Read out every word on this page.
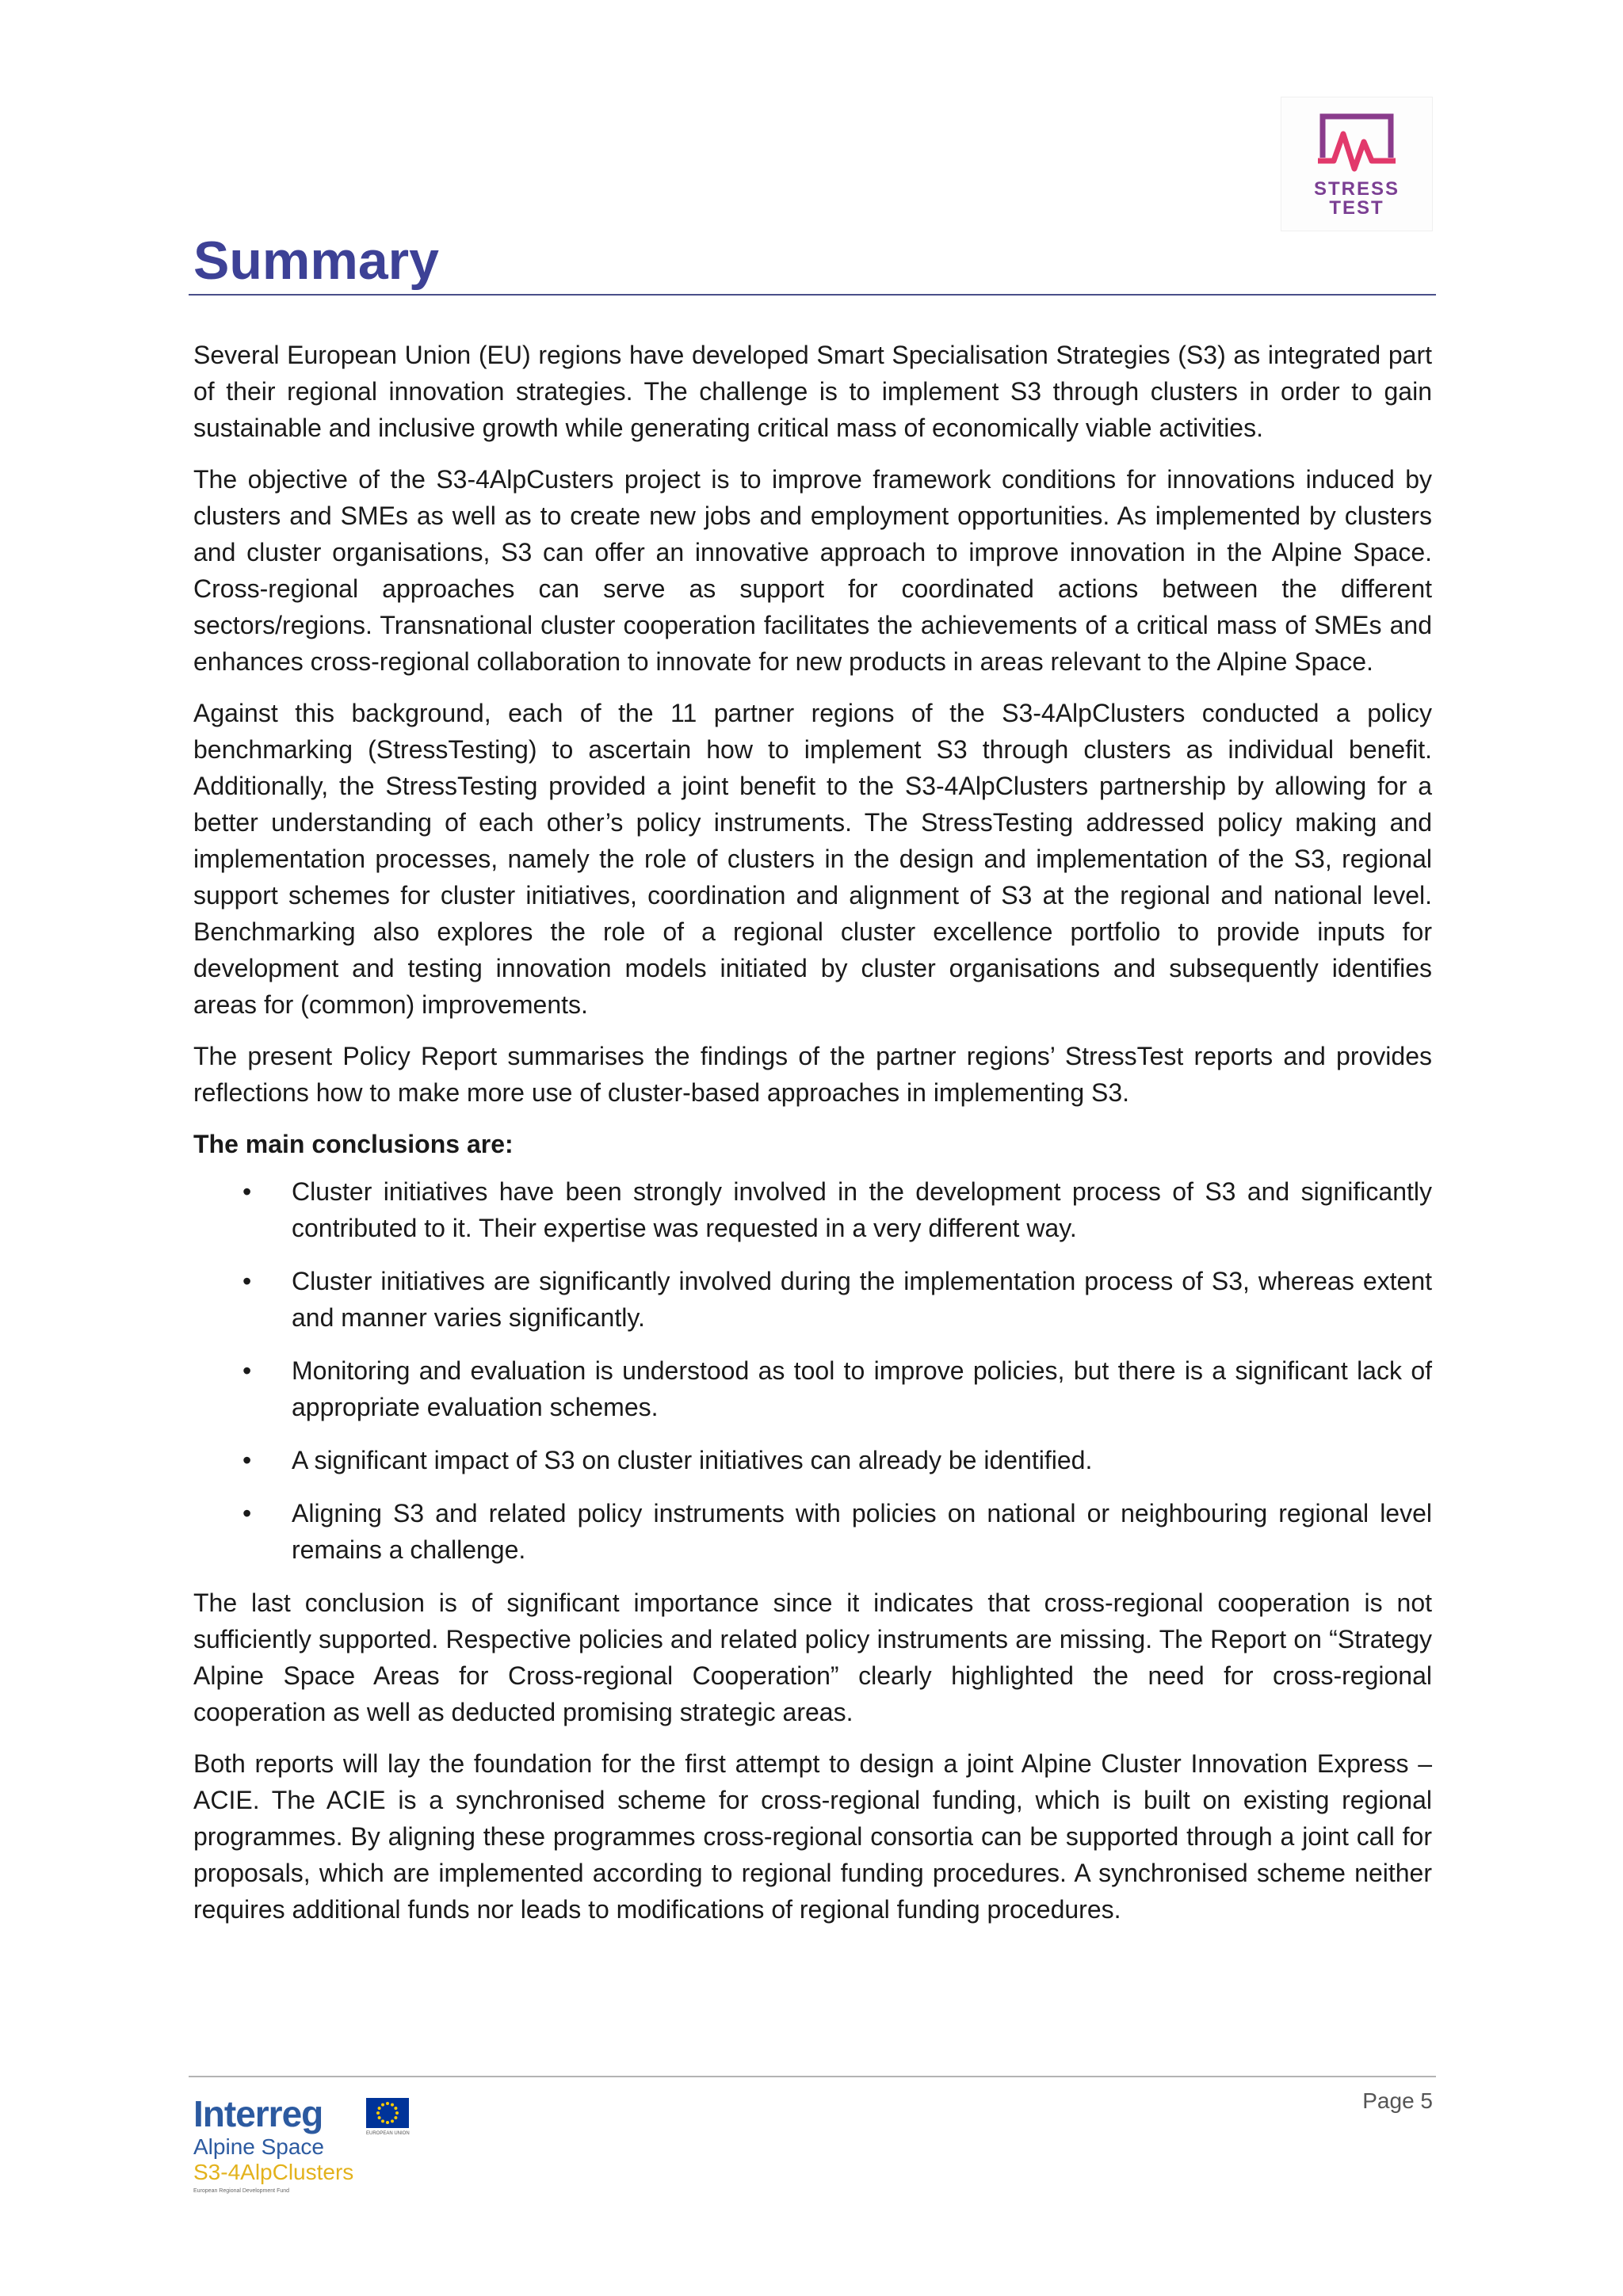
STRESS
TEST
Summary

Several European Union (EU) regions have developed Smart Specialisation Strategies (S3) as integrated part of their regional innovation strategies. The challenge is to implement S3 through clusters in order to gain sustainable and inclusive growth while generating critical mass of economically viable activities.

The objective of the S3-4AlpCusters project is to improve framework conditions for innovations induced by clusters and SMEs as well as to create new jobs and employment opportunities. As implemented by clusters and cluster organisations, S3 can offer an innovative approach to improve innovation in the Alpine Space. Cross-regional approaches can serve as support for coordinated actions between the different sectors/regions. Transnational cluster cooperation facilitates the achievements of a critical mass of SMEs and enhances cross-regional collaboration to innovate for new products in areas relevant to the Alpine Space.

Against this background, each of the 11 partner regions of the S3-4AlpClusters conducted a policy benchmarking (StressTesting) to ascertain how to implement S3 through clusters as individual benefit. Additionally, the StressTesting provided a joint benefit to the S3-4AlpClusters partnership by allowing for a better understanding of each other’s policy instruments. The StressTesting addressed policy making and implementation processes, namely the role of clusters in the design and implementation of the S3, regional support schemes for cluster initiatives, coordination and alignment of S3 at the regional and national level. Benchmarking also explores the role of a regional cluster excellence portfolio to provide inputs for development and testing innovation models initiated by cluster organisations and subsequently identifies areas for (common) improvements.

The present Policy Report summarises the findings of the partner regions’ StressTest reports and provides reflections how to make more use of cluster-based approaches in implementing S3.

The main conclusions are:

• Cluster initiatives have been strongly involved in the development process of S3 and significantly contributed to it. Their expertise was requested in a very different way.
• Cluster initiatives are significantly involved during the implementation process of S3, whereas extent and manner varies significantly.
• Monitoring and evaluation is understood as tool to improve policies, but there is a significant lack of appropriate evaluation schemes.
• A significant impact of S3 on cluster initiatives can already be identified.
• Aligning S3 and related policy instruments with policies on national or neighbouring regional level remains a challenge.

The last conclusion is of significant importance since it indicates that cross-regional cooperation is not sufficiently supported. Respective policies and related policy instruments are missing. The Report on “Strategy Alpine Space Areas for Cross-regional Cooperation” clearly highlighted the need for cross-regional cooperation as well as deducted promising strategic areas.

Both reports will lay the foundation for the first attempt to design a joint Alpine Cluster Innovation Express – ACIE. The ACIE is a synchronised scheme for cross-regional funding, which is built on existing regional programmes. By aligning these programmes cross-regional consortia can be supported through a joint call for proposals, which are implemented according to regional funding procedures. A synchronised scheme neither requires additional funds nor leads to modifications of regional funding procedures.

Page 5
Interreg	EUROPEAN UNION
Alpine Space
S3-4AlpClusters
European Regional Development Fund
